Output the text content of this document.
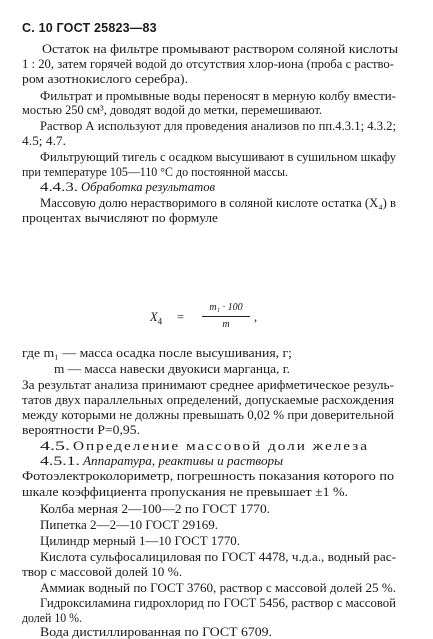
С. 10 ГОСТ 25823—83
Остаток на фильтре промывают раствором соляной кислоты
1 : 20, затем горячей водой до отсутствия хлор-иона (проба с раство-
ром азотнокислого серебра).
Фильтрат и промывные воды переносят в мерную колбу вмести-
мостью 250 см³, доводят водой до метки, перемешивают.
Раствор А используют для проведения анализов по пп.4.3.1; 4.3.2;
4.5; 4.7.
Фильтрующий тигель с осадком высушивают в сушильном шкафу
при температуре 105—110 °С до постоянной массы.
4.4.3. Обработка результатов
Массовую долю нерастворимого в соляной кислоте остатка (X₄) в
процентах вычисляют по формуле
$X_4$ =
m₁ · 100
m
,
где m₁ — масса осадка после высушивания, г;
m — масса навески двуокиси марганца, г.
За результат анализа принимают среднее арифметическое резуль-
татов двух параллельных определений, допускаемые расхождения
между которыми не должны превышать 0,02 % при доверительной
вероятности P=0,95.
4.5. Определение массовой доли железа
4.5.1. Аппаратура, реактивы и растворы
Фотоэлектроколориметр, погрешность показания которого по
шкале коэффициента пропускания не превышает ±1 %.
Колба мерная 2—100—2 по ГОСТ 1770.
Пипетка 2—2—10 ГОСТ 29169.
Цилиндр мерный 1—10 ГОСТ 1770.
Кислота сульфосалициловая по ГОСТ 4478, ч.д.а., водный рас-
твор с массовой долей 10 %.
Аммиак водный по ГОСТ 3760, раствор с массовой долей 25 %.
Гидроксиламина гидрохлорид по ГОСТ 5456, раствор с массовой
долей 10 %.
Вода дистиллированная по ГОСТ 6709.
